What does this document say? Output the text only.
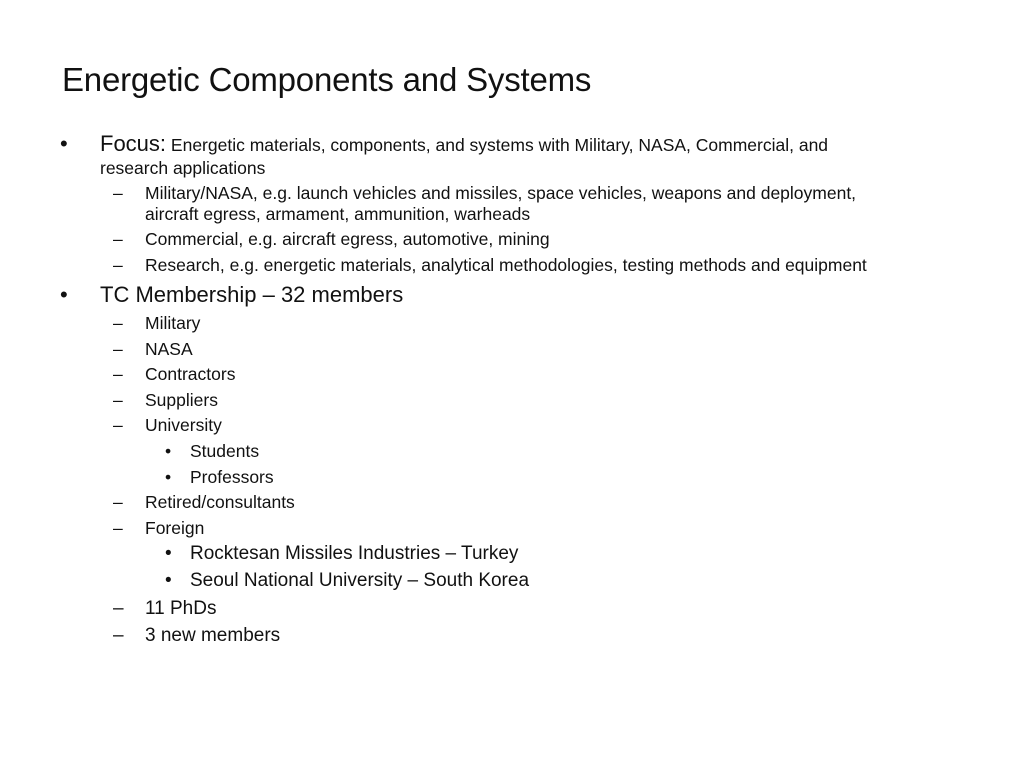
Energetic Components and Systems
• Focus: Energetic materials, components, and systems with Military, NASA, Commercial, and
research applications
– Military/NASA, e.g. launch vehicles and missiles, space vehicles, weapons and deployment,
aircraft egress, armament, ammunition, warheads
– Commercial, e.g. aircraft egress, automotive, mining
– Research, e.g. energetic materials, analytical methodologies, testing methods and equipment
• TC Membership – 32 members
– Military
– NASA
– Contractors
– Suppliers
– University
• Students
• Professors
– Retired/consultants
– Foreign
• Rocktesan Missiles Industries – Turkey
• Seoul National University – South Korea
– 11 PhDs
– 3 new members
